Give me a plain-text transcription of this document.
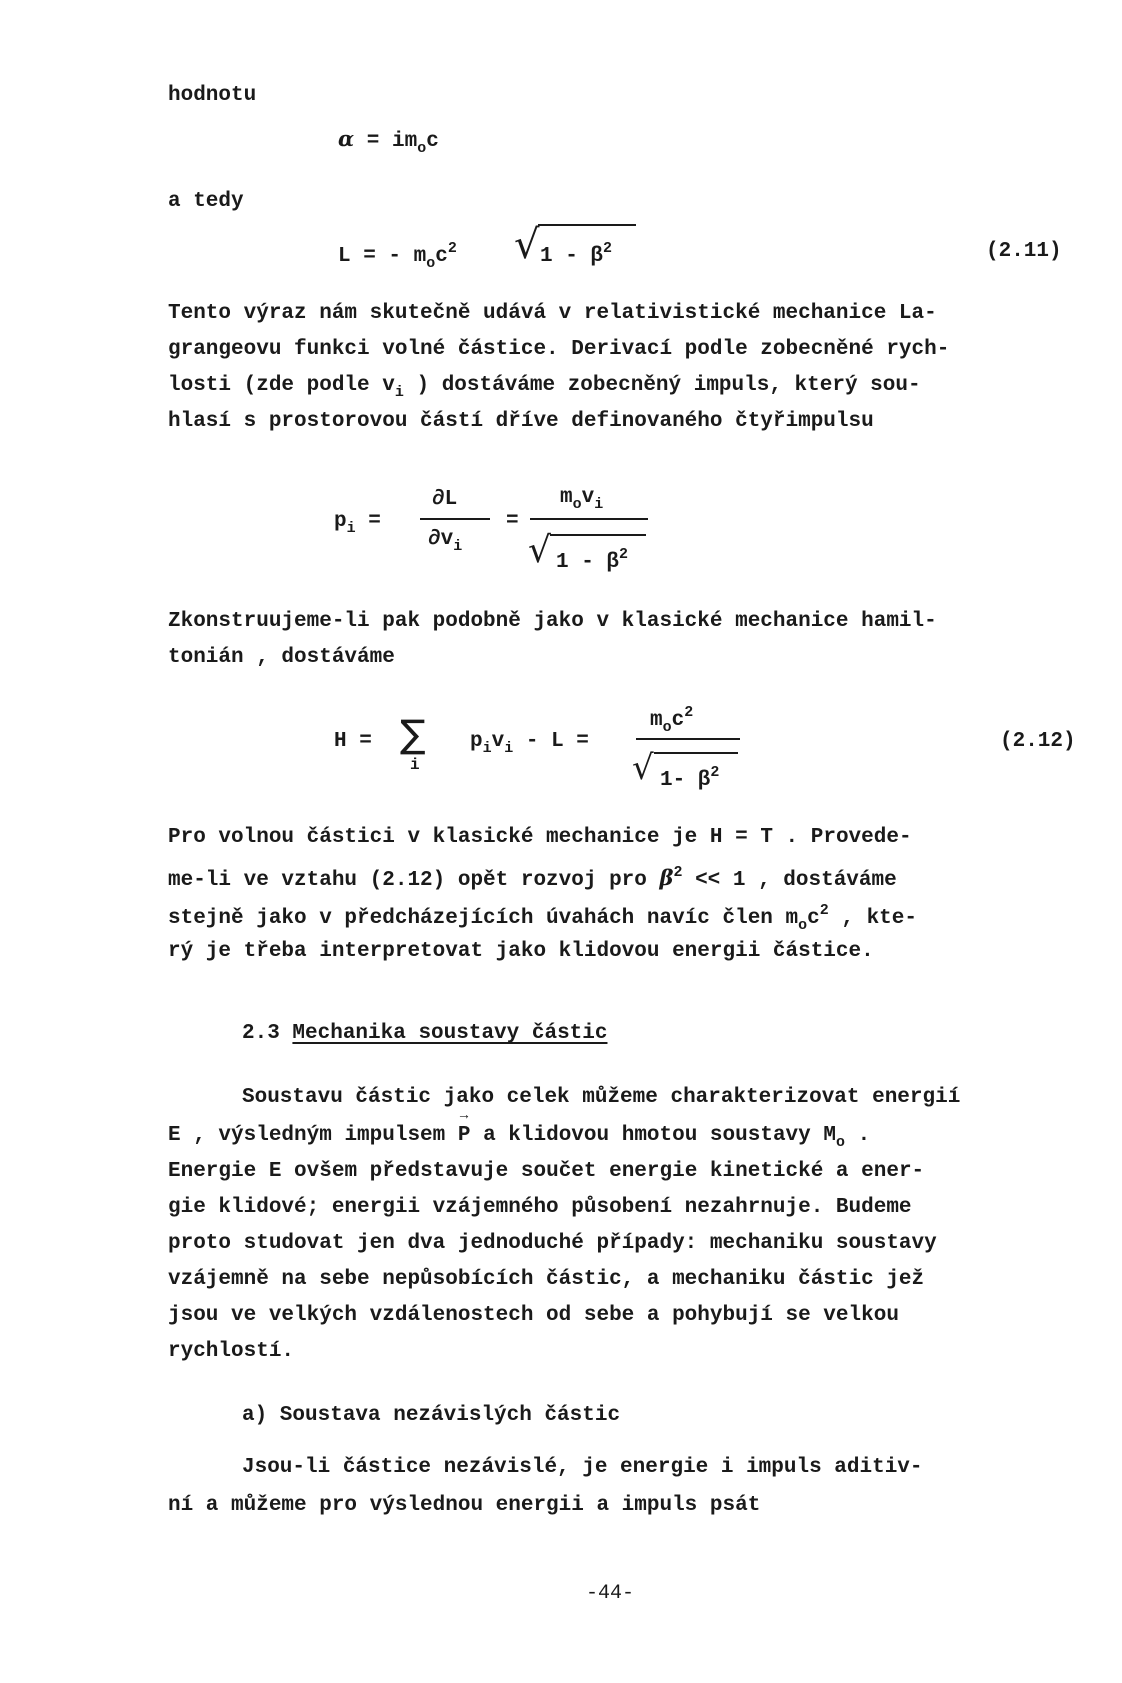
hodnotu
$\alpha = im_oc$
a tedy
L = - $m_oc^2$ √ $1 - \beta^2$	(2.11)
Tento výraz nám skutečně udává v relativistické mechanice La-
grangeovu funkci volné částice. Derivací podle zobecněné rych-
losti (zde podle $v_i$ ) dostáváme zobecněný impuls, který sou-
hlasí s prostorovou částí dříve definovaného čtyřimpulsu
$p_i$ =
∂L
$\partial v_i$
=
$m_ov_i$
√ $1 - \beta^2$
Zkonstruujeme-li pak podobně jako v klasické mechanice hamil-
tonián , dostáváme
H = ∑
i
$p_iv_i$ - L =
$m_oc^2$
√ 1- $\beta^2$
(2.12)
Pro volnou částici v klasické mechanice je H = T . Provede-
me-li ve vztahu (2.12) opět rozvoj pro $\beta^2 << 1$ , dostáváme
stejně jako v předcházejících úvahách navíc člen $m_oc^2$ , kte-
rý je třeba interpretovat jako klidovou energii částice.
2.3 Mechanika soustavy částic
Soustavu částic jako celek můžeme charakterizovat energií
E , výsledným impulsem
→
P a klidovou hmotou soustavy $M_o$ .
Energie E ovšem představuje součet energie kinetické a ener-
gie klidové; energii vzájemného působení nezahrnuje. Budeme
proto studovat jen dva jednoduché případy: mechaniku soustavy
vzájemně na sebe nepůsobících částic, a mechaniku částic jež
jsou ve velkých vzdálenostech od sebe a pohybují se velkou
rychlostí.
a) Soustava nezávislých částic
Jsou-li částice nezávislé, je energie i impuls aditiv-
ní a můžeme pro výslednou energii a impuls psát
-44-
